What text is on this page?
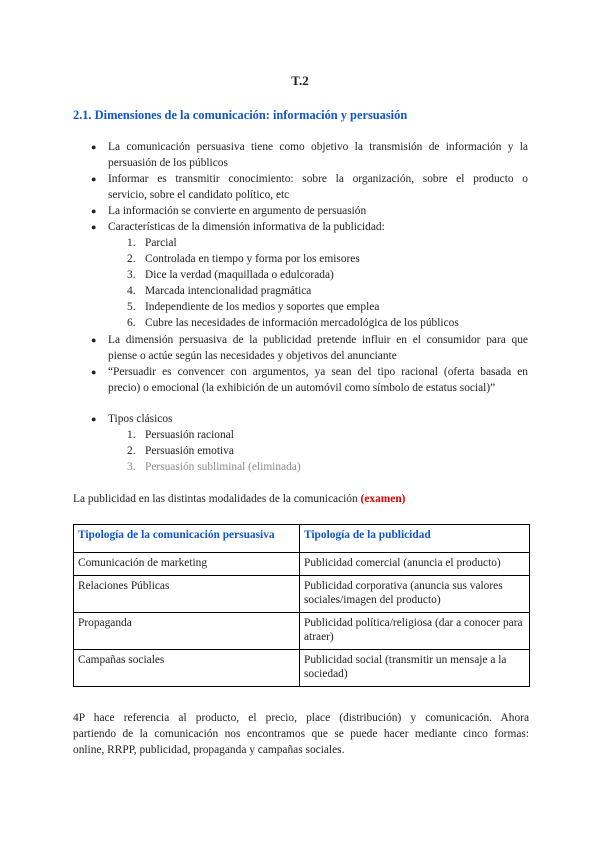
T.2
2.1. Dimensiones de la comunicación: información y persuasión
● La comunicación persuasiva tiene como objetivo la transmisión de información y la
persuasión de los públicos
● Informar es transmitir conocimiento: sobre la organización, sobre el producto o
servicio, sobre el candidato político, etc
● La información se convierte en argumento de persuasión
● Características de la dimensión informativa de la publicidad:
1. Parcial
2. Controlada en tiempo y forma por los emisores
3. Dice la verdad (maquillada o edulcorada)
4. Marcada intencionalidad pragmática
5. Independiente de los medios y soportes que emplea
6. Cubre las necesidades de información mercadológica de los públicos
● La dimensión persuasiva de la publicidad pretende influir en el consumidor para que
piense o actúe según las necesidades y objetivos del anunciante
● “Persuadir es convencer con argumentos, ya sean del tipo racional (oferta basada en
precio) o emocional (la exhibición de un automóvil como símbolo de estatus social)”
● Tipos clásicos
1. Persuasión racional
2. Persuasión emotiva
3. Persuasión subliminal (eliminada)
La publicidad en las distintas modalidades de la comunicación (examen)
Tipología de la comunicación persuasiva	Tipología de la publicidad
Comunicación de marketing	Publicidad comercial (anuncia el producto)
Relaciones Públicas	Publicidad corporativa (anuncia sus valores sociales/imagen del producto)
Propaganda	Publicidad política/religiosa (dar a conocer para atraer)
Campañas sociales	Publicidad social (transmitir un mensaje a la sociedad)
4P hace referencia al producto, el precio, place (distribución) y comunicación. Ahora
partiendo de la comunicación nos encontramos que se puede hacer mediante cinco formas:
online, RRPP, publicidad, propaganda y campañas sociales.
